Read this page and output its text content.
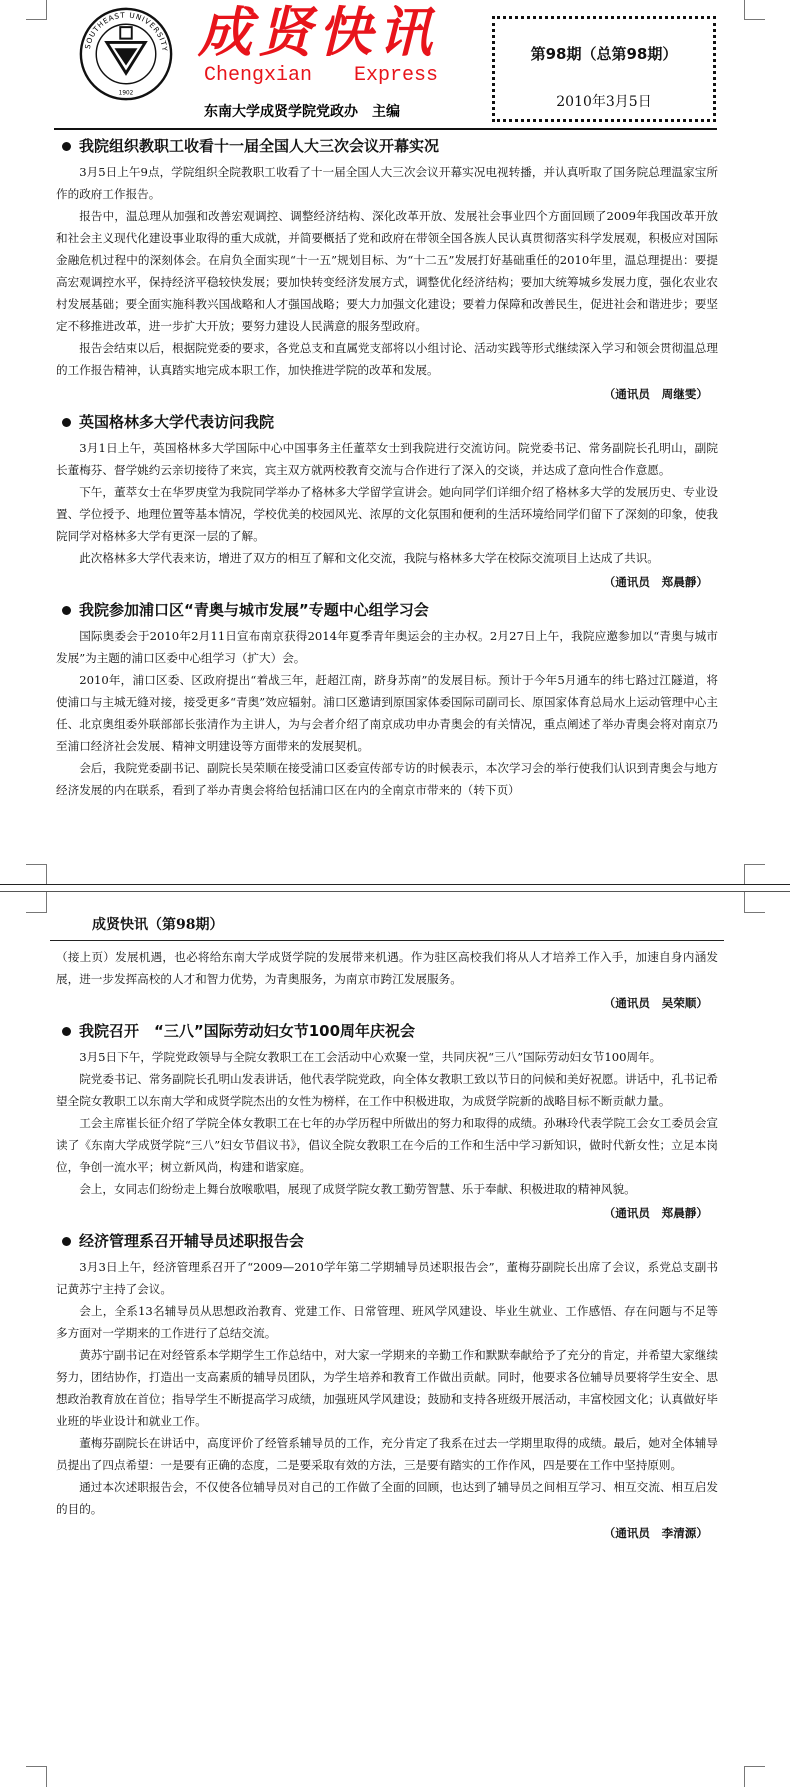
1902
SOUTHEAST UNIVERSITY 成贤快讯
Chengxian Express
东南大学成贤学院党政办　主编
第98期（总第98期）
2010年3月5日
我院组织教职工收看十一届全国人大三次会议开幕实况

3月5日上午9点，学院组织全院教职工收看了十一届全国人大三次会议开幕实况电视转播，并认真听取了国务院总理温家宝所作的政府工作报告。

报告中，温总理从加强和改善宏观调控、调整经济结构、深化改革开放、发展社会事业四个方面回顾了2009年我国改革开放和社会主义现代化建设事业取得的重大成就，并简要概括了党和政府在带领全国各族人民认真贯彻落实科学发展观，积极应对国际金融危机过程中的深刻体会。在肩负全面实现“十一五”规划目标、为“十二五”发展打好基础重任的2010年里，温总理提出：要提高宏观调控水平，保持经济平稳较快发展；要加快转变经济发展方式，调整优化经济结构；要加大统筹城乡发展力度，强化农业农村发展基础；要全面实施科教兴国战略和人才强国战略；要大力加强文化建设；要着力保障和改善民生，促进社会和谐进步；要坚定不移推进改革，进一步扩大开放；要努力建设人民满意的服务型政府。

报告会结束以后，根据院党委的要求，各党总支和直属党支部将以小组讨论、活动实践等形式继续深入学习和领会贯彻温总理的工作报告精神，认真踏实地完成本职工作，加快推进学院的改革和发展。

（通讯员　周继雯）
英国格林多大学代表访问我院

3月1日上午，英国格林多大学国际中心中国事务主任董萃女士到我院进行交流访问。院党委书记、常务副院长孔明山，副院长董梅芬、督学姚约云亲切接待了来宾，宾主双方就两校教育交流与合作进行了深入的交谈，并达成了意向性合作意愿。

下午，董萃女士在华罗庚堂为我院同学举办了格林多大学留学宣讲会。她向同学们详细介绍了格林多大学的发展历史、专业设置、学位授予、地理位置等基本情况，学校优美的校园风光、浓厚的文化氛围和便利的生活环境给同学们留下了深刻的印象，使我院同学对格林多大学有更深一层的了解。

此次格林多大学代表来访，增进了双方的相互了解和文化交流，我院与格林多大学在校际交流项目上达成了共识。

（通讯员　郑晨靜）
我院参加浦口区“青奥与城市发展”专题中心组学习会

国际奥委会于2010年2月11日宣布南京获得2014年夏季青年奥运会的主办权。2月27日上午，我院应邀参加以“青奥与城市发展”为主题的浦口区委中心组学习（扩大）会。

2010年，浦口区委、区政府提出“着战三年，赶超江南，跻身苏南”的发展目标。预计于今年5月通车的纬七路过江隧道，将使浦口与主城无缝对接，接受更多“青奥”效应辐射。浦口区邀请到原国家体委国际司副司长、原国家体育总局水上运动管理中心主任、北京奥组委外联部部长张清作为主讲人，为与会者介绍了南京成功申办青奥会的有关情况，重点阐述了举办青奥会将对南京乃至浦口经济社会发展、精神文明建设等方面带来的发展契机。

会后，我院党委副书记、副院长吴荣顺在接受浦口区委宣传部专访的时候表示，本次学习会的举行使我们认识到青奥会与地方经济发展的内在联系，看到了举办青奥会将给包括浦口区在内的全南京市带来的（转下页）

成贤快讯（第98期）

（接上页）发展机遇，也必将给东南大学成贤学院的发展带来机遇。作为驻区高校我们将从人才培养工作入手，加速自身内涵发展，进一步发挥高校的人才和智力优势，为青奥服务，为南京市跨江发展服务。

（通讯员　吴荣顺）
我院召开　“三八”国际劳动妇女节100周年庆祝会

3月5日下午，学院党政领导与全院女教职工在工会活动中心欢聚一堂，共同庆祝“三八”国际劳动妇女节100周年。

院党委书记、常务副院长孔明山发表讲话，他代表学院党政，向全体女教职工致以节日的问候和美好祝愿。讲话中，孔书记希望全院女教职工以东南大学和成贤学院杰出的女性为榜样，在工作中积极进取，为成贤学院新的战略目标不断贡献力量。

工会主席崔长征介绍了学院全体女教职工在七年的办学历程中所做出的努力和取得的成绩。孙琳玲代表学院工会女工委员会宣读了《东南大学成贤学院“三八”妇女节倡议书》，倡议全院女教职工在今后的工作和生活中学习新知识，做时代新女性；立足本岗位，争创一流水平；树立新风尚，构建和谐家庭。

会上，女同志们纷纷走上舞台放喉歌唱，展现了成贤学院女教工勤劳智慧、乐于奉献、积极进取的精神风貌。

（通讯员　郑晨靜）
经济管理系召开辅导员述职报告会

3月3日上午，经济管理系召开了“2009—2010学年第二学期辅导员述职报告会”，董梅芬副院长出席了会议，系党总支副书记黄苏宁主持了会议。

会上，全系13名辅导员从思想政治教育、党建工作、日常管理、班风学风建设、毕业生就业、工作感悟、存在问题与不足等多方面对一学期来的工作进行了总结交流。

黄苏宁副书记在对经管系本学期学生工作总结中，对大家一学期来的辛勤工作和默默奉献给予了充分的肯定，并希望大家继续努力，团结协作，打造出一支高素质的辅导员团队，为学生培养和教育工作做出贡献。同时，他要求各位辅导员要将学生安全、思想政治教育放在首位；指导学生不断提高学习成绩，加强班风学风建设；鼓励和支持各班级开展活动，丰富校园文化；认真做好毕业班的毕业设计和就业工作。

董梅芬副院长在讲话中，高度评价了经管系辅导员的工作，充分肯定了我系在过去一学期里取得的成绩。最后，她对全体辅导员提出了四点希望：一是要有正确的态度，二是要采取有效的方法，三是要有踏实的工作作风，四是要在工作中坚持原则。

通过本次述职报告会，不仅使各位辅导员对自己的工作做了全面的回顾，也达到了辅导员之间相互学习、相互交流、相互启发的目的。

（通讯员　李清源）
